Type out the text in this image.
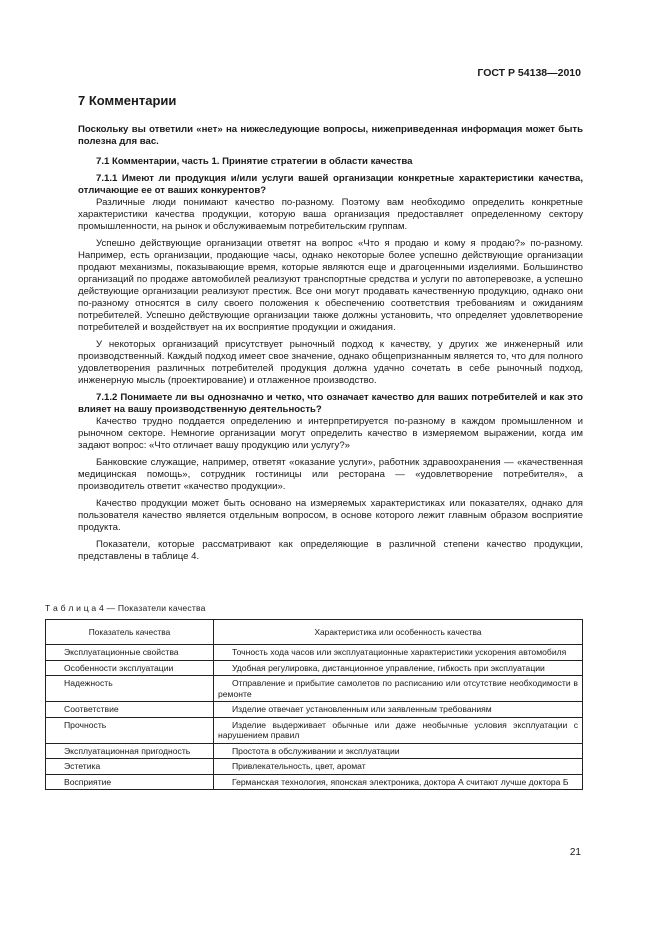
ГОСТ Р 54138—2010
7 Комментарии

Поскольку вы ответили «нет» на нижеследующие вопросы, нижеприведенная информация может быть полезна для вас.

7.1 Комментарии, часть 1. Принятие стратегии в области качества

7.1.1 Имеют ли продукция и/или услуги вашей организации конкретные характеристики качества, отличающие ее от ваших конкурентов?

Различные люди понимают качество по-разному. Поэтому вам необходимо определить конкретные характеристики качества продукции, которую ваша организация предоставляет определенному сектору промышленности, на рынок и обслуживаемым потребительским группам.

Успешно действующие организации ответят на вопрос «Что я продаю и кому я продаю?» по-разному. Например, есть организации, продающие часы, однако некоторые более успешно действующие организации продают механизмы, показывающие время, которые являются еще и драгоценными изделиями. Большинство организаций по продаже автомобилей реализуют транспортные средства и услуги по автоперевозке, а успешно действующие организации реализуют престиж. Все они могут продавать качественную продукцию, однако они по-разному относятся в силу своего положения к обеспечению соответствия требованиям и ожиданиям потребителей. Успешно действующие организации также должны установить, что определяет удовлетворение потребителей и воздействует на их восприятие продукции и ожидания.

У некоторых организаций присутствует рыночный подход к качеству, у других же инженерный или производственный. Каждый подход имеет свое значение, однако общепризнанным является то, что для полного удовлетворения различных потребителей продукция должна удачно сочетать в себе рыночный подход, инженерную мысль (проектирование) и отлаженное производство.

7.1.2 Понимаете ли вы однозначно и четко, что означает качество для ваших потребителей и как это влияет на вашу производственную деятельность?

Качество трудно поддается определению и интерпретируется по-разному в каждом промышленном и рыночном секторе. Немногие организации могут определить качество в измеряемом выражении, когда им задают вопрос: «Что отличает вашу продукцию или услугу?»

Банковские служащие, например, ответят «оказание услуги», работник здравоохранения — «качественная медицинская помощь», сотрудник гостиницы или ресторана — «удовлетворение потребителя», а производитель ответит «качество продукции».

Качество продукции может быть основано на измеряемых характеристиках или показателях, однако для пользователя качество является отдельным вопросом, в основе которого лежит главным образом восприятие продукта.

Показатели, которые рассматривают как определяющие в различной степени качество продукции, представлены в таблице 4.

Т а б л и ц а 4 — Показатели качества
Показатель качества	Характеристика или особенность качества
Эксплуатационные свойства	Точность хода часов или эксплуатационные характеристики ускорения автомобиля
Особенности эксплуатации	Удобная регулировка, дистанционное управление, гибкость при эксплуатации
Надежность	Отправление и прибытие самолетов по расписанию или отсутствие необходимости в ремонте
Соответствие	Изделие отвечает установленным или заявленным требованиям
Прочность	Изделие выдерживает обычные или даже необычные условия эксплуатации с нарушением правил
Эксплуатационная пригодность	Простота в обслуживании и эксплуатации
Эстетика	Привлекательность, цвет, аромат
Восприятие	Германская технология, японская электроника, доктора А считают лучше доктора Б
21
